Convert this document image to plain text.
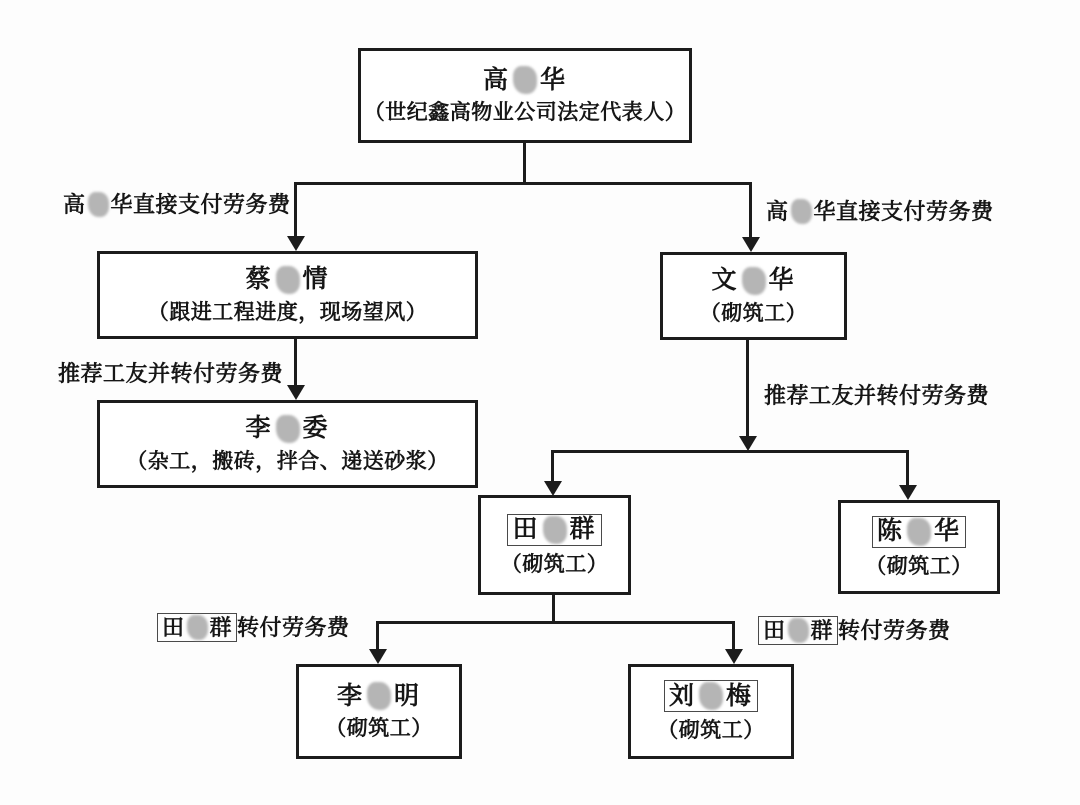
高 华
（世纪鑫高物业公司法定代表人）
高 华直接支付劳务费	高 华直接支付劳务费
蔡 情
（跟进工程进度，现场望风）
文 华
（砌筑工）
推荐工友并转付劳务费
李 委
（杂工，搬砖，拌合、递送砂浆）
推荐工友并转付劳务费
田 群
（砌筑工）
陈 华
（砌筑工）
田 群 转付劳务费	田 群 转付劳务费
李 明
（砌筑工）
刘 梅
（砌筑工）
